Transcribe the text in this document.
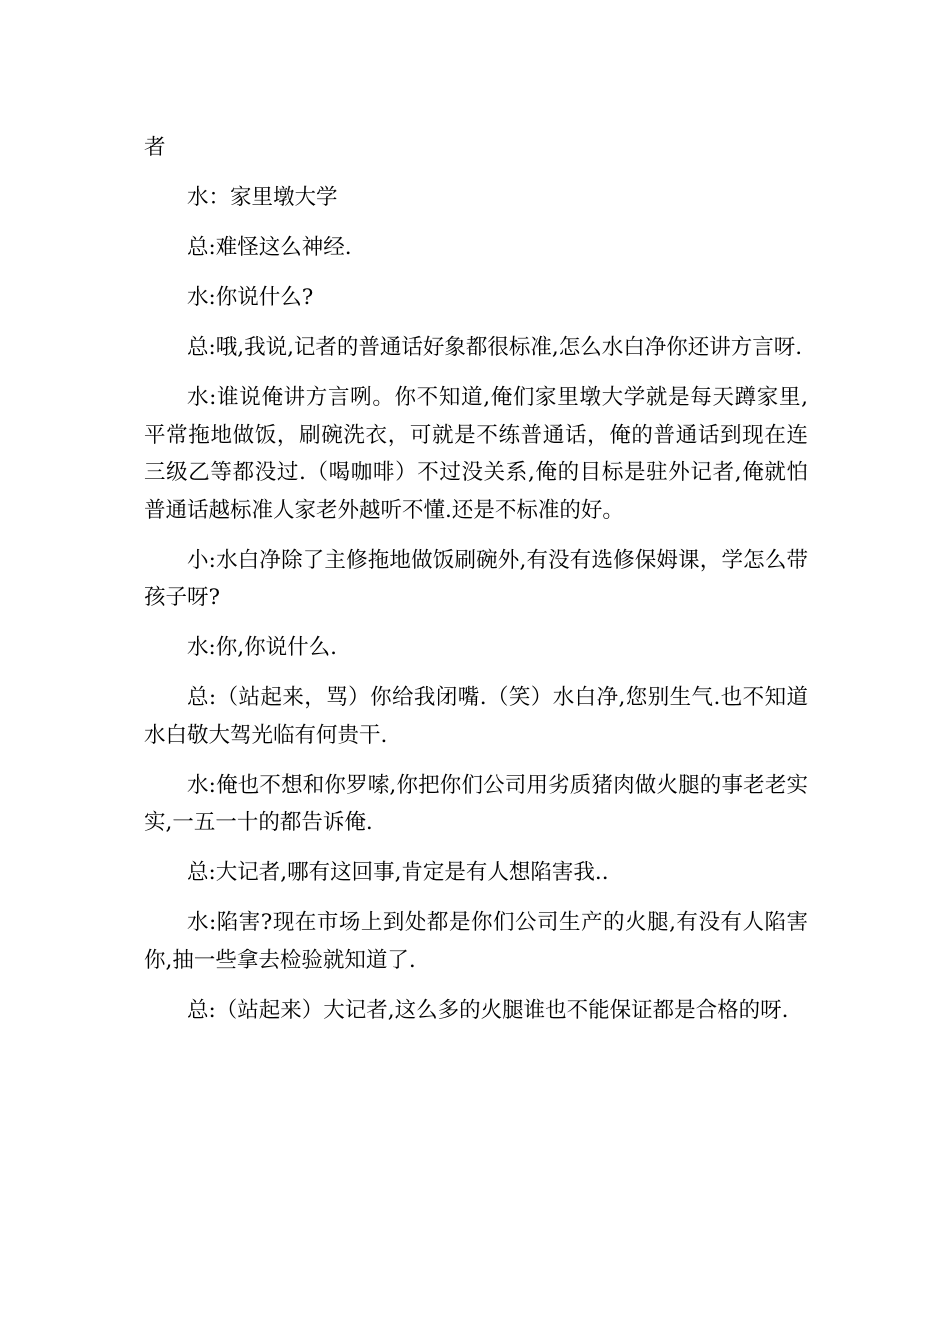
者

水：家里墩大学

总:难怪这么神经.

水:你说什么?

总:哦,我说,记者的普通话好象都很标准,怎么水白净你还讲方言呀.

水:谁说俺讲方言咧。你不知道,俺们家里墩大学就是每天蹲家里,平常拖地做饭，刷碗洗衣，可就是不练普通话，俺的普通话到现在连三级乙等都没过.（喝咖啡）不过没关系,俺的目标是驻外记者,俺就怕普通话越标准人家老外越听不懂.还是不标准的好。

小:水白净除了主修拖地做饭刷碗外,有没有选修保姆课，学怎么带孩子呀?

水:你,你说什么.

总:（站起来，骂）你给我闭嘴.（笑）水白净,您别生气.也不知道水白敬大驾光临有何贵干.

水:俺也不想和你罗嗦,你把你们公司用劣质猪肉做火腿的事老老实实,一五一十的都告诉俺.

总:大记者,哪有这回事,肯定是有人想陷害我..

水:陷害?现在市场上到处都是你们公司生产的火腿,有没有人陷害你,抽一些拿去检验就知道了.

总:（站起来）大记者,这么多的火腿谁也不能保证都是合格的呀.
